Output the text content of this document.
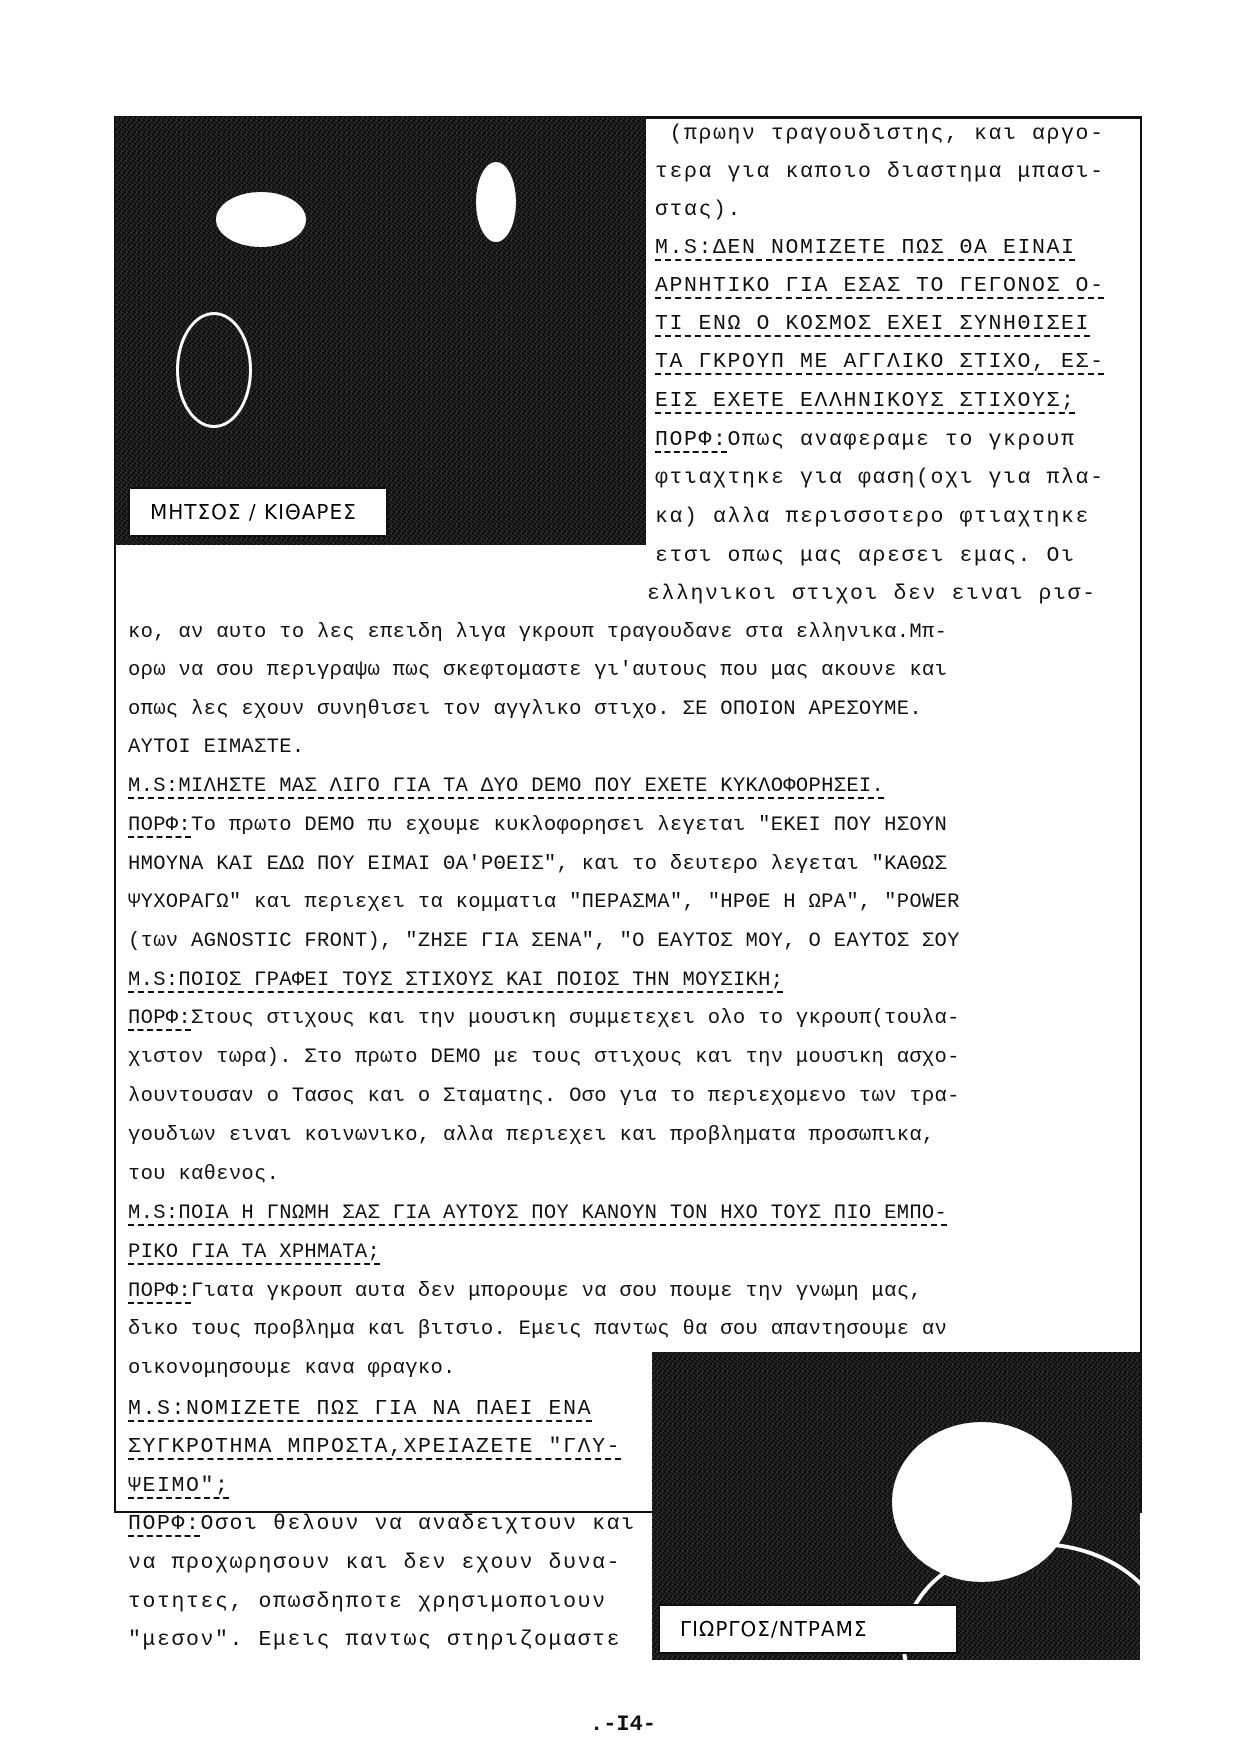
ΜΗΤΣΟΣ / ΚΙΘΑΡΕΣ
ΓΙΩΡΓΟΣ/ΝΤΡΑΜΣ
(πρωην τραγουδιστης, και αργο-
τερα για καποιο διαστημα μπασι-
στας).
M.S:ΔΕΝ ΝΟΜΙΖΕΤΕ ΠΩΣ ΘΑ ΕΙΝΑΙ
ΑΡΝΗΤΙΚΟ ΓΙΑ ΕΣΑΣ ΤΟ ΓΕΓΟΝΟΣ Ο-
ΤΙ ΕΝΩ Ο ΚΟΣΜΟΣ ΕΧΕΙ ΣΥΝΗΘΙΣΕΙ
ΤΑ ΓΚΡΟΥΠ ΜΕ ΑΓΓΛΙΚΟ ΣΤΙΧΟ, ΕΣ-
ΕΙΣ ΕΧΕΤΕ ΕΛΛΗΝΙΚΟΥΣ ΣΤΙΧΟΥΣ;
ΠΟΡΦ:Οπως αναφεραμε το γκρουπ
φτιαχτηκε για φαση(οχι για πλα-
κα) αλλα περισσοτερο φτιαχτηκε
ετσι οπως μας αρεσει εμας. Οι
ελληνικοι στιχοι δεν ειναι ρισ-
κο, αν αυτο το λες επειδη λιγα γκρουπ τραγουδανε στα ελληνικα.Μπ-
ορω να σου περιγραψω πως σκεφτομαστε γι'αυτους που μας ακουνε και
οπως λες εχουν συνηθισει τον αγγλικο στιχο. ΣΕ ΟΠΟΙΟΝ ΑΡΕΣΟΥΜΕ.
ΑΥΤΟΙ ΕΙΜΑΣΤΕ.
M.S:ΜΙΛΗΣΤΕ ΜΑΣ ΛΙΓΟ ΓΙΑ ΤΑ ΔΥΟ DEMO ΠΟΥ ΕΧΕΤΕ ΚΥΚΛΟΦΟΡΗΣΕΙ.
ΠΟΡΦ:Το πρωτο DEMO πυ εχουμε κυκλοφορησει λεγεται "ΕΚΕΙ ΠΟΥ ΗΣΟΥΝ
ΗΜΟΥΝΑ ΚΑΙ ΕΔΩ ΠΟΥ ΕΙΜΑΙ ΘΑ'ΡΘΕΙΣ", και το δευτερο λεγεται "ΚΑΘΩΣ
ΨΥΧΟΡΑΓΩ" και περιεχει τα κομματια "ΠΕΡΑΣΜΑ", "ΗΡΘΕ Η ΩΡΑ", "POWER
(των AGNOSTIC FRONT), "ΖΗΣΕ ΓΙΑ ΣΕΝΑ", "Ο ΕΑΥΤΟΣ ΜΟΥ, Ο ΕΑΥΤΟΣ ΣΟΥ
M.S:ΠΟΙΟΣ ΓΡΑΦΕΙ ΤΟΥΣ ΣΤΙΧΟΥΣ ΚΑΙ ΠΟΙΟΣ ΤΗΝ ΜΟΥΣΙΚΗ;
ΠΟΡΦ:Στους στιχους και την μουσικη συμμετεχει ολο το γκρουπ(τουλα-
χιστον τωρα). Στο πρωτο DEMO με τους στιχους και την μουσικη ασχο-
λουντουσαν ο Τασος και ο Σταματης. Οσο για το περιεχομενο των τρα-
γουδιων ειναι κοινωνικο, αλλα περιεχει και προβληματα προσωπικα,
του καθενος.
M.S:ΠΟΙΑ Η ΓΝΩΜΗ ΣΑΣ ΓΙΑ ΑΥΤΟΥΣ ΠΟΥ ΚΑΝΟΥΝ ΤΟΝ ΗΧΟ ΤΟΥΣ ΠΙΟ ΕΜΠΟ-
ΡΙΚΟ ΓΙΑ ΤΑ ΧΡΗΜΑΤΑ;
ΠΟΡΦ:Γιατα γκρουπ αυτα δεν μπορουμε να σου πουμε την γνωμη μας,
δικο τους προβλημα και βιτσιο. Εμεις παντως θα σου απαντησουμε αν
οικονομησουμε κανα φραγκο.
M.S:ΝΟΜΙΖΕΤΕ ΠΩΣ ΓΙΑ ΝΑ ΠΑΕΙ ΕΝΑ
ΣΥΓΚΡΟΤΗΜΑ ΜΠΡΟΣΤΑ,ΧΡΕΙΑΖΕΤΕ "ΓΛΥ-
ΨΕΙΜΟ";
ΠΟΡΦ:Οσοι θελουν να αναδειχτουν και
να προχωρησουν και δεν εχουν δυνα-
τοτητες, οπωσδηποτε χρησιμοποιουν
"μεσον". Εμεις παντως στηριζομαστε
.-I4-
